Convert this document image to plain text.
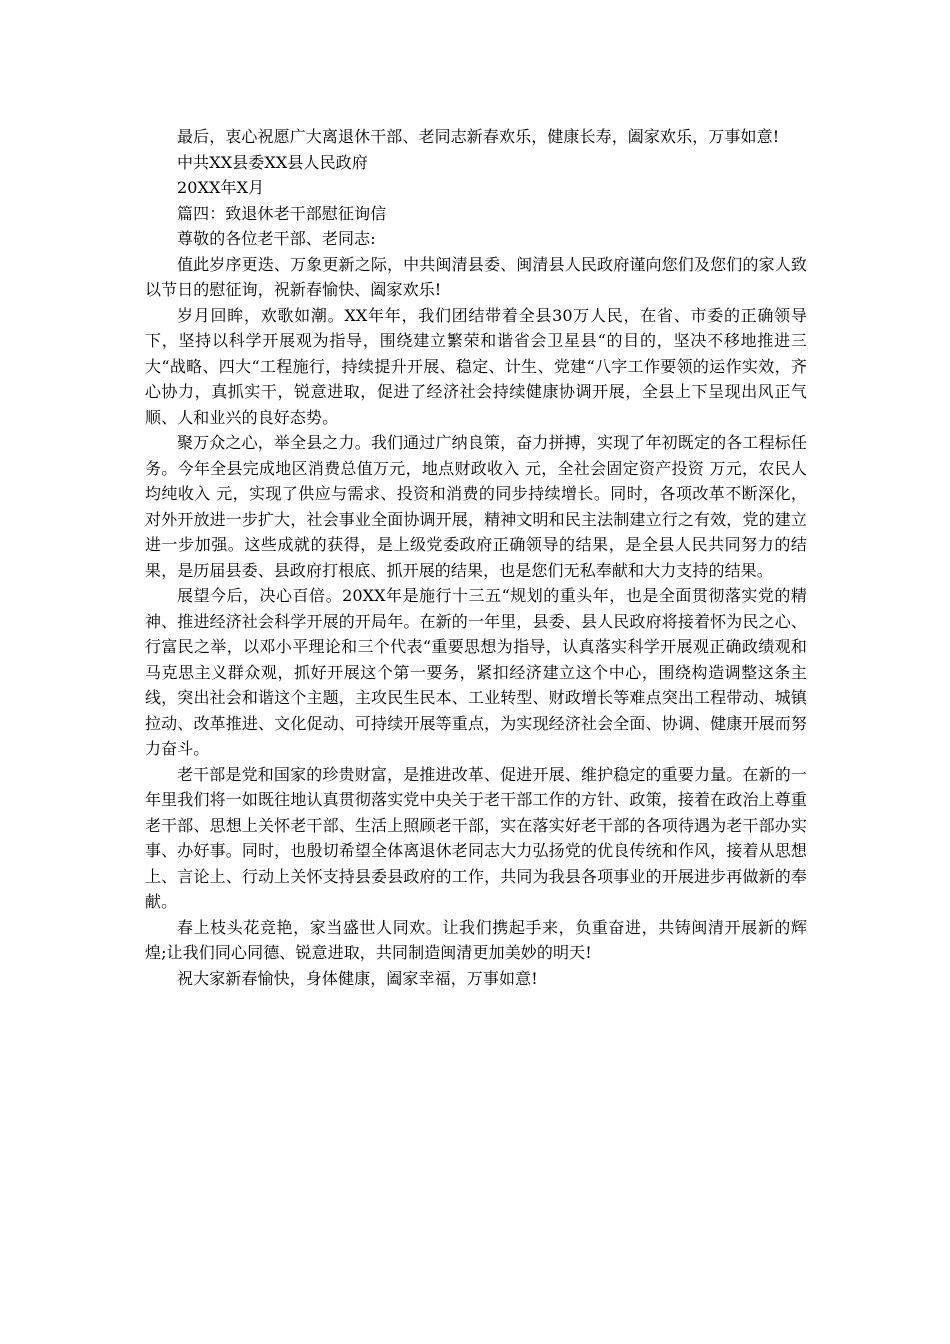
最后，衷心祝愿广大离退休干部、老同志新春欢乐，健康长寿，阖家欢乐，万事如意!

中共XX县委XX县人民政府

20XX年X月

篇四：致退休老干部慰征询信

尊敬的各位老干部、老同志:

值此岁序更迭、万象更新之际，中共闽清县委、闽清县人民政府谨向您们及您们的家人致以节日的慰征询，祝新春愉快、阖家欢乐!

岁月回眸，欢歌如潮。XX年年，我们团结带着全县30万人民，在省、市委的正确领导下，坚持以科学开展观为指导，围绕建立繁荣和谐省会卫星县“的目的，坚决不移地推进三大“战略、四大“工程施行，持续提升开展、稳定、计生、党建“八字工作要领的运作实效，齐心协力，真抓实干，锐意进取，促进了经济社会持续健康协调开展，全县上下呈现出风正气顺、人和业兴的良好态势。

聚万众之心，举全县之力。我们通过广纳良策，奋力拼搏，实现了年初既定的各工程标任务。今年全县完成地区消费总值万元，地点财政收入 元，全社会固定资产投资 万元，农民人均纯收入 元，实现了供应与需求、投资和消费的同步持续增长。同时，各项改革不断深化，对外开放进一步扩大，社会事业全面协调开展，精神文明和民主法制建立行之有效，党的建立进一步加强。这些成就的获得，是上级党委政府正确领导的结果，是全县人民共同努力的结果，是历届县委、县政府打根底、抓开展的结果，也是您们无私奉献和大力支持的结果。

展望今后，决心百倍。20XX年是施行十三五“规划的重头年，也是全面贯彻落实党的精神、推进经济社会科学开展的开局年。在新的一年里，县委、县人民政府将接着怀为民之心、行富民之举，以邓小平理论和三个代表“重要思想为指导，认真落实科学开展观正确政绩观和马克思主义群众观，抓好开展这个第一要务，紧扣经济建立这个中心，围绕构造调整这条主线，突出社会和谐这个主题，主攻民生民本、工业转型、财政增长等难点突出工程带动、城镇拉动、改革推进、文化促动、可持续开展等重点，为实现经济社会全面、协调、健康开展而努力奋斗。

老干部是党和国家的珍贵财富，是推进改革、促进开展、维护稳定的重要力量。在新的一年里我们将一如既往地认真贯彻落实党中央关于老干部工作的方针、政策，接着在政治上尊重老干部、思想上关怀老干部、生活上照顾老干部，实在落实好老干部的各项待遇为老干部办实事、办好事。同时，也殷切希望全体离退休老同志大力弘扬党的优良传统和作风，接着从思想上、言论上、行动上关怀支持县委县政府的工作，共同为我县各项事业的开展进步再做新的奉献。

春上枝头花竞艳，家当盛世人同欢。让我们携起手来，负重奋进，共铸闽清开展新的辉煌;让我们同心同德、锐意进取，共同制造闽清更加美妙的明天!

祝大家新春愉快，身体健康，阖家幸福，万事如意!
